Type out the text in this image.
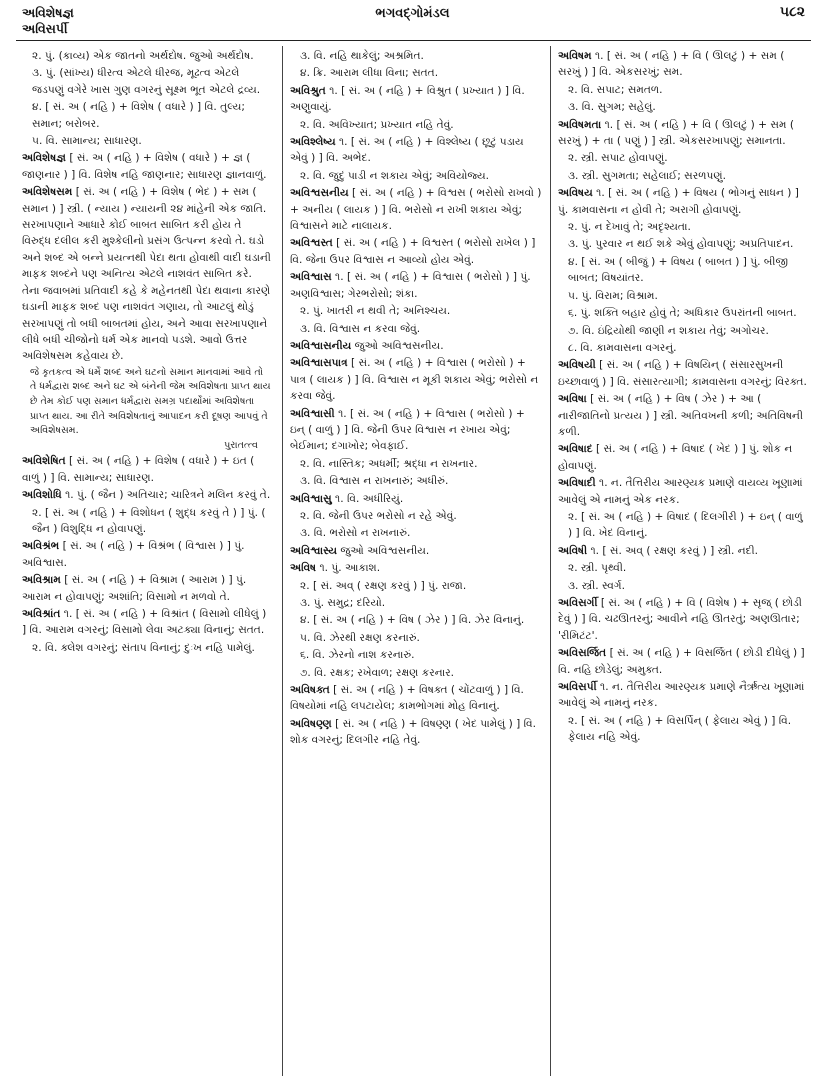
અવિશેષજ્ઞ
અવિસર્પી
ભગવદ્ગોમંડલ	૫૮૨

૨. પું. (કાવ્ય) એક જાતનો અર્થદોષ. જુઓ અર્થદોષ.

૩. પું. (સાંખ્ય) ધીરત્વ એટલે ધીરજ, મૂઢત્વ એટલે જડપણું વગેરે ખાસ ગુણ વગરનું સૂક્ષ્મ ભૂત એટલે દ્રવ્ય.

૪. [ સં. અ ( નહિ ) + વિશેષ ( વધારે ) ] વિ. તુલ્ય; સમાન; બરોબર.

૫. વિ. સામાન્ય; સાધારણ.

અવિશેષજ્ઞ [ સં. અ ( નહિ ) + વિશેષ ( વધારે ) + જ્ઞ ( જાણનાર ) ] વિ. વિશેષ નહિ જાણનાર; સાધારણ જ્ઞાનવાળું.

અવિશેષસમ [ સં. અ ( નહિ ) + વિશેષ ( ભેદ ) + સમ ( સમાન ) ] સ્ત્રી. ( ન્યાય ) ન્યાયની ૨૪ માંહેની એક જાતિ. સરખાપણાને આધારે કોઈ બાબત સાબિત કરી હોય તે વિરુદ્ધ દલીલ કરી મુશ્કેલીનો પ્રસંગ ઉત્પન્ન કરવો તે. ઘડો અને શબ્દ એ બન્ને પ્રયત્નથી પેદા થતા હોવાથી વાદી ઘડાની માફક શબ્દને પણ અનિત્ય એટલે નાશવંત સાબિત કરે. તેના જવાબમાં પ્રતિવાદી કહે કે મહેનતથી પેદા થવાના કારણે ઘડાની માફક શબ્દ પણ નાશવંત ગણાય, તો આટલું થોડું સરખાપણું તો બધી બાબતમાં હોય, અને આવા સરખાપણાને લીધે બધી ચીજોનો ધર્મ એક માનવો પડશે. આવો ઉત્તર અવિશેષસમ કહેવાય છે.

જે કૃતકત્વ એ ધર્મે શબ્દ અને ઘટનો સમાન માનવામાં આવે તો તે ધર્મદ્વારા શબ્દ અને ઘટ એ બંનેની જેમ અવિશેષતા પ્રાપ્ત થાય છે તેમ કોઈ પણ સમાન ધર્મદ્વારા સમગ્ર પદાર્થોમાં અવિશેષતા પ્રાપ્ત થાય. આ રીતે અવિશેષતાનું આપાદન કરી દૂષણ આપવું તે અવિશેષસમ.

પુરાતત્ત્વ

અવિશેષિત [ સં. અ ( નહિ ) + વિશેષ ( વધારે ) + ઇત ( વાળું ) ] વિ. સામાન્ય; સાધારણ.

અવિશોધિ ૧. પું. ( જૈન ) અતિચાર; ચારિત્રને મલિન કરવું તે.

૨. [ સં. અ ( નહિ ) + વિશોધન ( શુદ્ધ કરવું તે ) ] પું. ( જૈન ) વિશુદ્ધિ ન હોવાપણું.

અવિશ્રંભ [ સં. અ ( નહિ ) + વિશ્રંભ ( વિશ્વાસ ) ] પું. અવિશ્વાસ.

અવિશ્રામ [ સં. અ ( નહિ ) + વિશ્રામ ( આરામ ) ] પું. આરામ ન હોવાપણું; અશાંતિ; વિસામો ન મળવો તે.

અવિશ્રાંત ૧. [ સં. અ ( નહિ ) + વિશ્રાંત ( વિસામો લીધેલું ) ] વિ. આરામ વગરનું; વિસામો લેવા અટક્યા વિનાનું; સતત.

૨. વિ. ક્લેશ વગરનું; સંતાપ વિનાનું; દુઃખ નહિ પામેલું.

૩. વિ. નહિ થાકેલું; અશ્રમિત.

૪. ક્રિ. આરામ લીધા વિના; સતત.

અવિશ્રુત ૧. [ સં. અ ( નહિ ) + વિશ્રુત ( પ્રખ્યાત ) ] વિ. અણુવાયું.

૨. વિ. અવિખ્યાત; પ્રખ્યાત નહિ તેવું.

અવિશ્લેષ્ય ૧. [ સં. અ ( નહિ ) + વિશ્લેષ્ય ( છૂટું પડાય એવું ) ] વિ. અભેદ.

૨. વિ. જુદું પાડી ન શકાય એવું; અવિયોજ્ય.

અવિશ્વસનીય [ સં. અ ( નહિ ) + વિશ્વસ ( ભરોસો રાખવો ) + અનીય ( લાયક ) ] વિ. ભરોસો ન રાખી શકાય એવું; વિશ્વાસને માટે નાલાયક.

અવિશ્વસ્ત [ સં. અ ( નહિ ) + વિશ્વસ્ત ( ભરોસો રાખેલ ) ] વિ. જેના ઉપર વિશ્વાસ ન આવ્યો હોય એવું.

અવિશ્વાસ ૧. [ સં. અ ( નહિ ) + વિશ્વાસ ( ભરોસો ) ] પું. અણવિશ્વાસ; ગેરભરોસો; શંકા.

૨. પું. ખાતરી ન થવી તે; અનિશ્ચય.

૩. વિ. વિશ્વાસ ન કરવા જેવું.

અવિશ્વાસનીય જુઓ અવિશ્વસનીય.

અવિશ્વાસપાત્ર [ સં. અ ( નહિ ) + વિશ્વાસ ( ભરોસો ) + પાત્ર ( લાયક ) ] વિ. વિશ્વાસ ન મૂકી શકાય એવું; ભરોસો ન કરવા જેવું.

અવિશ્વાસી ૧. [ સં. અ ( નહિ ) + વિશ્વાસ ( ભરોસો ) + ઇન્ ( વાળું ) ] વિ. જેની ઉપર વિશ્વાસ ન રખાય એવું; બેઈમાન; દગાખોર; બેવફાઈ.

૨. વિ. નાસ્તિક; અધર્મી; શ્રદ્ધા ન રાખનાર.

૩. વિ. વિશ્વાસ ન રાખનારું; અધીરું.

અવિશ્વાસુ ૧. વિ. અધીરિયું.

૨. વિ. જેની ઉપર ભરોસો ન રહે એવું.

૩. વિ. ભરોસો ન રાખનારું.

અવિશ્વાસ્ય જુઓ અવિશ્વસનીય.

અવિષ ૧. પું. આકાશ.

૨. [ સં. અવ્ ( રક્ષણ કરવું ) ] પું. રાજા.

૩. પું. સમુદ્ર; દરિયો.

૪. [ સં. અ ( નહિ ) + વિષ ( ઝેર ) ] વિ. ઝેર વિનાનું.

૫. વિ. ઝેરથી રક્ષણ કરનારું.

૬. વિ. ઝેરનો નાશ કરનારું.

૭. વિ. રક્ષક; રખેવાળ; રક્ષણ કરનાર.

અવિષક્ત [ સં. અ ( નહિ ) + વિષક્ત ( ચોંટવાળું ) ] વિ. વિષયોમાં નહિ લપટાયેલ; કામભોગમાં મોહ વિનાનું.

અવિષણ્ણ [ સં. અ ( નહિ ) + વિષણ્ણ ( ખેદ પામેલું ) ] વિ. શોક વગરનું; દિલગીર નહિ તેવું.

અવિષમ ૧. [ સં. અ ( નહિ ) + વિ ( ઊલટું ) + સમ ( સરખું ) ] વિ. એકસરખું; સમ.

૨. વિ. સપાટ; સમતળ.

૩. વિ. સુગમ; સહેલું.

અવિષમતા ૧. [ સં. અ ( નહિ ) + વિ ( ઊલટું ) + સમ ( સરખું ) + તા ( પણું ) ] સ્ત્રી. એકસરખાપણું; સમાનતા.

૨. સ્ત્રી. સપાટ હોવાપણું.

૩. સ્ત્રી. સુગમતા; સહેલાઈ; સરળપણું.

અવિષય ૧. [ સં. અ ( નહિ ) + વિષય ( ભોગનું સાધન ) ] પું. કામવાસના ન હોવી તે; અરાગી હોવાપણું.

૨. પું. ન દેખાવું તે; અદૃશ્યતા.

૩. પું. પુરવાર ન થઈ શકે એવું હોવાપણું; અપ્રતિપાદન.

૪. [ સં. અ ( બીજું ) + વિષય ( બાબત ) ] પું. બીજી બાબત; વિષયાંતર.

૫. પું. વિરામ; વિશ્રામ.

૬. પું. શક્તિ બહાર હોવું તે; અધિકાર ઉપરાંતની બાબત.

૭. વિ. ઇંદ્રિયોથી જાણી ન શકાય તેવું; અગોચર.

૮. વિ. કામવાસના વગરનું.

અવિષયી [ સં. અ ( નહિ ) + વિષયિન્ ( સંસારસુખની ઇચ્છાવાળું ) ] વિ. સંસારત્યાગી; કામવાસના વગરનું; વિરક્ત.

અવિષા [ સં. અ ( નહિ ) + વિષ ( ઝેર ) + આ ( નારીજાતિનો પ્રત્યય ) ] સ્ત્રી. અતિવખની કળી; અતિવિષની કળી.

અવિષાદ [ સં. અ ( નહિ ) + વિષાદ ( ખેદ ) ] પું. શોક ન હોવાપણું.

અવિષાદી ૧. ન. તૈત્તિરીય આરણ્યક પ્રમાણે વાયવ્ય ખૂણામાં આવેલું એ નામનું એક નરક.

૨. [ સં. અ ( નહિ ) + વિષાદ ( દિલગીરી ) + ઇન્ ( વાળું ) ] વિ. ખેદ વિનાનું.

અવિષી ૧. [ સં. અવ્ ( રક્ષણ કરવું ) ] સ્ત્રી. નદી.

૨. સ્ત્રી. પૃથ્વી.

૩. સ્ત્રી. સ્વર્ગ.

અવિસર્ગી [ સં. અ ( નહિ ) + વિ ( વિશેષ ) + સૃજ્ ( છોડી દેવું ) ] વિ. ચઢઊતરનું; આવીને નહિ ઊતરતું; અણઊતાર; 'રીમિટંટ'.

અવિસર્જિત [ સં. અ ( નહિ ) + વિસર્જિત ( છોડી દીધેલું ) ] વિ. નહિ છોડેલું; અમુક્ત.

અવિસર્પી ૧. ન. તૈત્તિરીય આરણ્યક પ્રમાણે નૈર્ઋત્ય ખૂણામાં આવેલું એ નામનું નરક.

૨. [ સં. અ ( નહિ ) + વિસર્પિન્ ( ફેલાય એવું ) ] વિ. ફેલાય નહિ એવું.
